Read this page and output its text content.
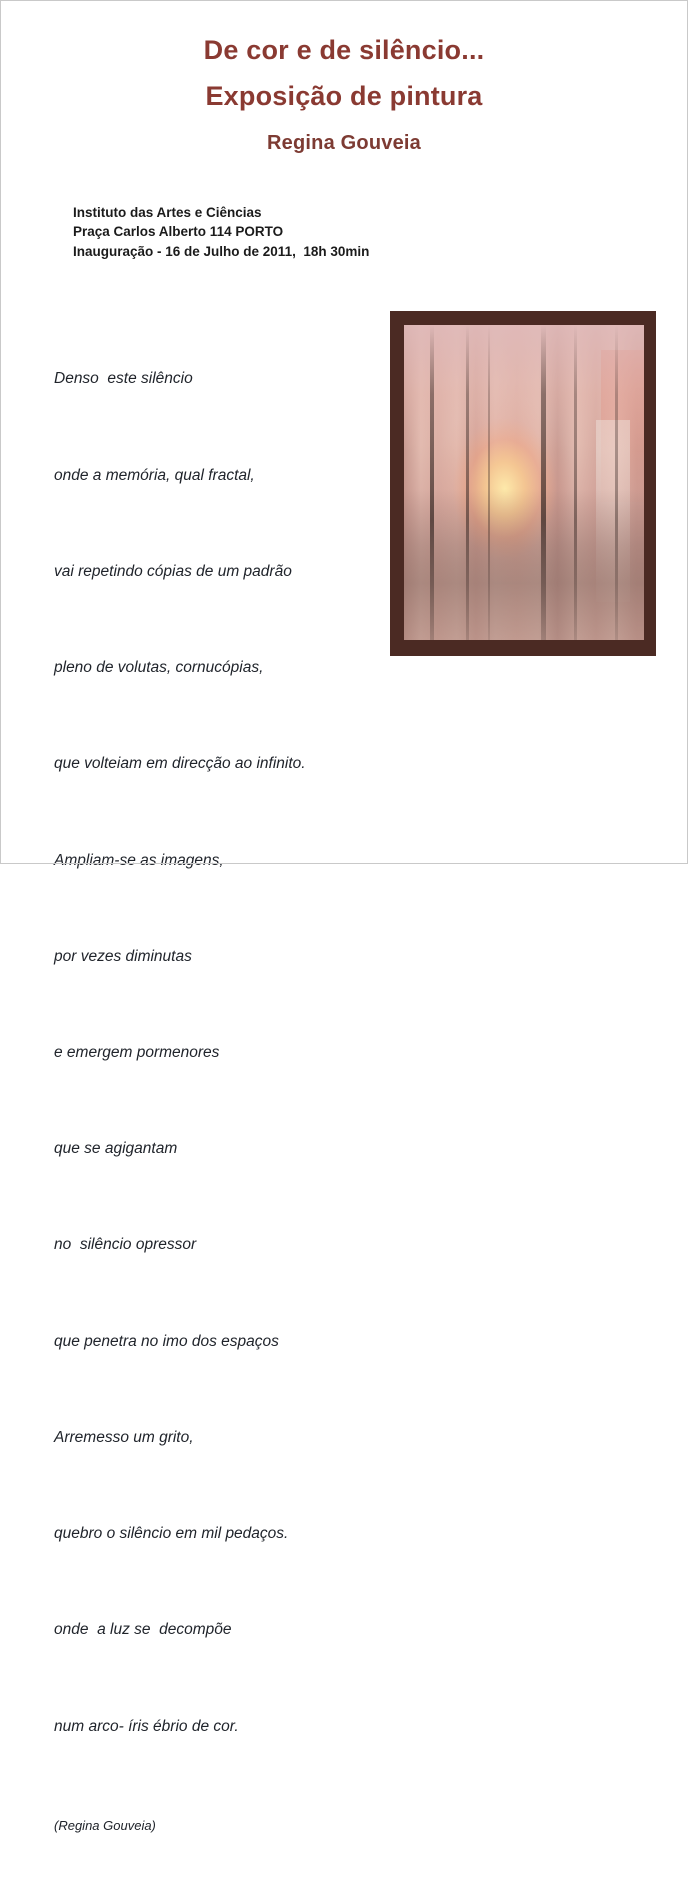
De cor e de silêncio...
Exposição de pintura
Regina Gouveia
Instituto das Artes e Ciências
Praça Carlos Alberto 114 PORTO
Inauguração - 16 de Julho de 2011,  18h 30min

Denso  este silêncio

onde a memória, qual fractal,

vai repetindo cópias de um padrão

pleno de volutas, cornucópias,

que volteiam em direcção ao infinito.

Ampliam-se as imagens,

por vezes diminutas

e emergem pormenores

que se agigantam

no  silêncio opressor

que penetra no imo dos espaços

Arremesso um grito,

quebro o silêncio em mil pedaços.

onde  a luz se  decompõe

num arco- íris ébrio de cor.

(Regina Gouveia)
